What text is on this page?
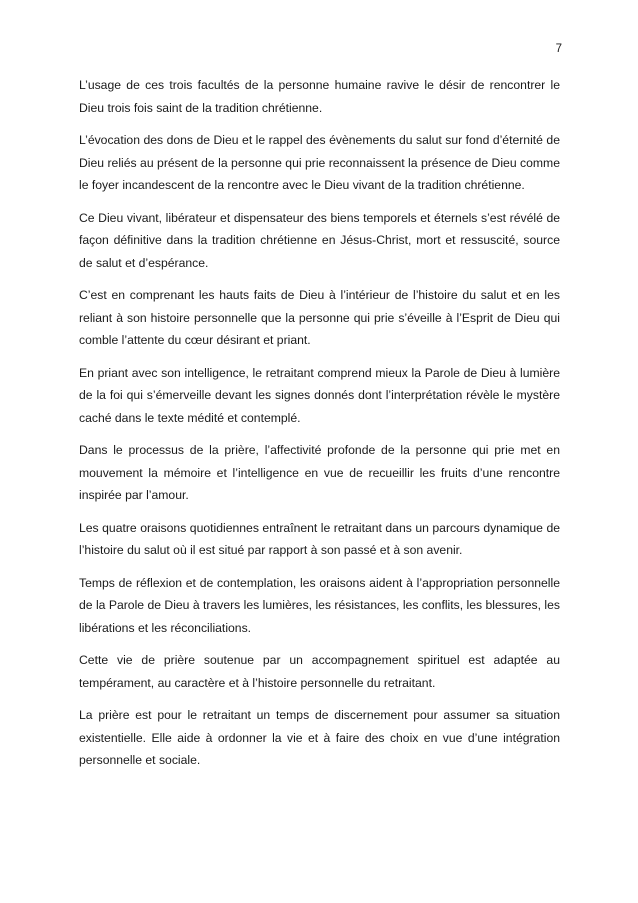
7

L’usage de ces trois facultés de la personne humaine ravive le désir de rencontrer le Dieu trois fois saint de la tradition chrétienne.

L’évocation des dons de Dieu et le rappel des évènements du salut sur fond d’éternité de Dieu reliés au présent de la personne qui prie reconnaissent la présence de Dieu comme le foyer incandescent de la rencontre avec le Dieu vivant de la tradition chrétienne.

Ce Dieu vivant, libérateur et dispensateur des biens temporels et éternels s’est révélé de façon définitive dans la tradition chrétienne en Jésus-Christ, mort et ressuscité, source de salut et d’espérance.

C’est en comprenant les hauts faits de Dieu à l’intérieur de l’histoire du salut et en les reliant à son histoire personnelle que la personne qui prie s’éveille à l’Esprit de Dieu qui comble l’attente du cœur désirant et priant.

En priant avec son intelligence, le retraitant comprend mieux la Parole de Dieu à lumière de la foi qui s’émerveille devant les signes donnés dont l’interprétation révèle le mystère caché dans le texte médité et contemplé.

Dans le processus de la prière, l’affectivité profonde de la personne qui prie met en mouvement la mémoire et l’intelligence en vue de recueillir les fruits d’une rencontre inspirée par l’amour.

Les quatre oraisons quotidiennes entraînent le retraitant dans un parcours dynamique de l’histoire du salut où il est situé par rapport à son passé et à son avenir.

Temps de réflexion et de contemplation, les oraisons aident à l’appropriation personnelle de la Parole de Dieu à travers les lumières, les résistances, les conflits, les blessures, les libérations et les réconciliations.

Cette vie de prière soutenue par un accompagnement spirituel est adaptée au tempérament, au caractère et à l’histoire personnelle du retraitant.

La prière est pour le retraitant un temps de discernement pour assumer sa situation existentielle. Elle aide à ordonner la vie et à faire des choix en vue d’une intégration personnelle et sociale.
